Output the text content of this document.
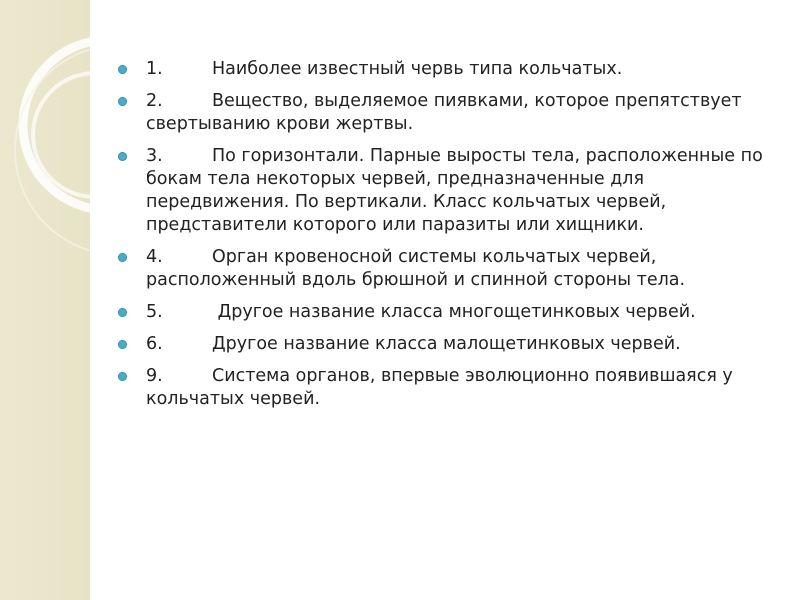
1.	Наиболее известный червь типа кольчатых.
2.	Вещество, выделяемое пиявками, которое препятствует свертыванию крови жертвы.
3.	По горизонтали. Парные выросты тела, расположенные по бокам тела некоторых червей, предназначенные для передвижения. По вертикали. Класс кольчатых червей, представители которого или паразиты или хищники.
4.	Орган кровеносной системы кольчатых червей, расположенный вдоль брюшной и спинной стороны тела.
5.	Другое название класса многощетинковых червей.
6.	Другое название класса малощетинковых червей.
9.	Система органов, впервые эволюционно появившаяся у кольчатых червей.
